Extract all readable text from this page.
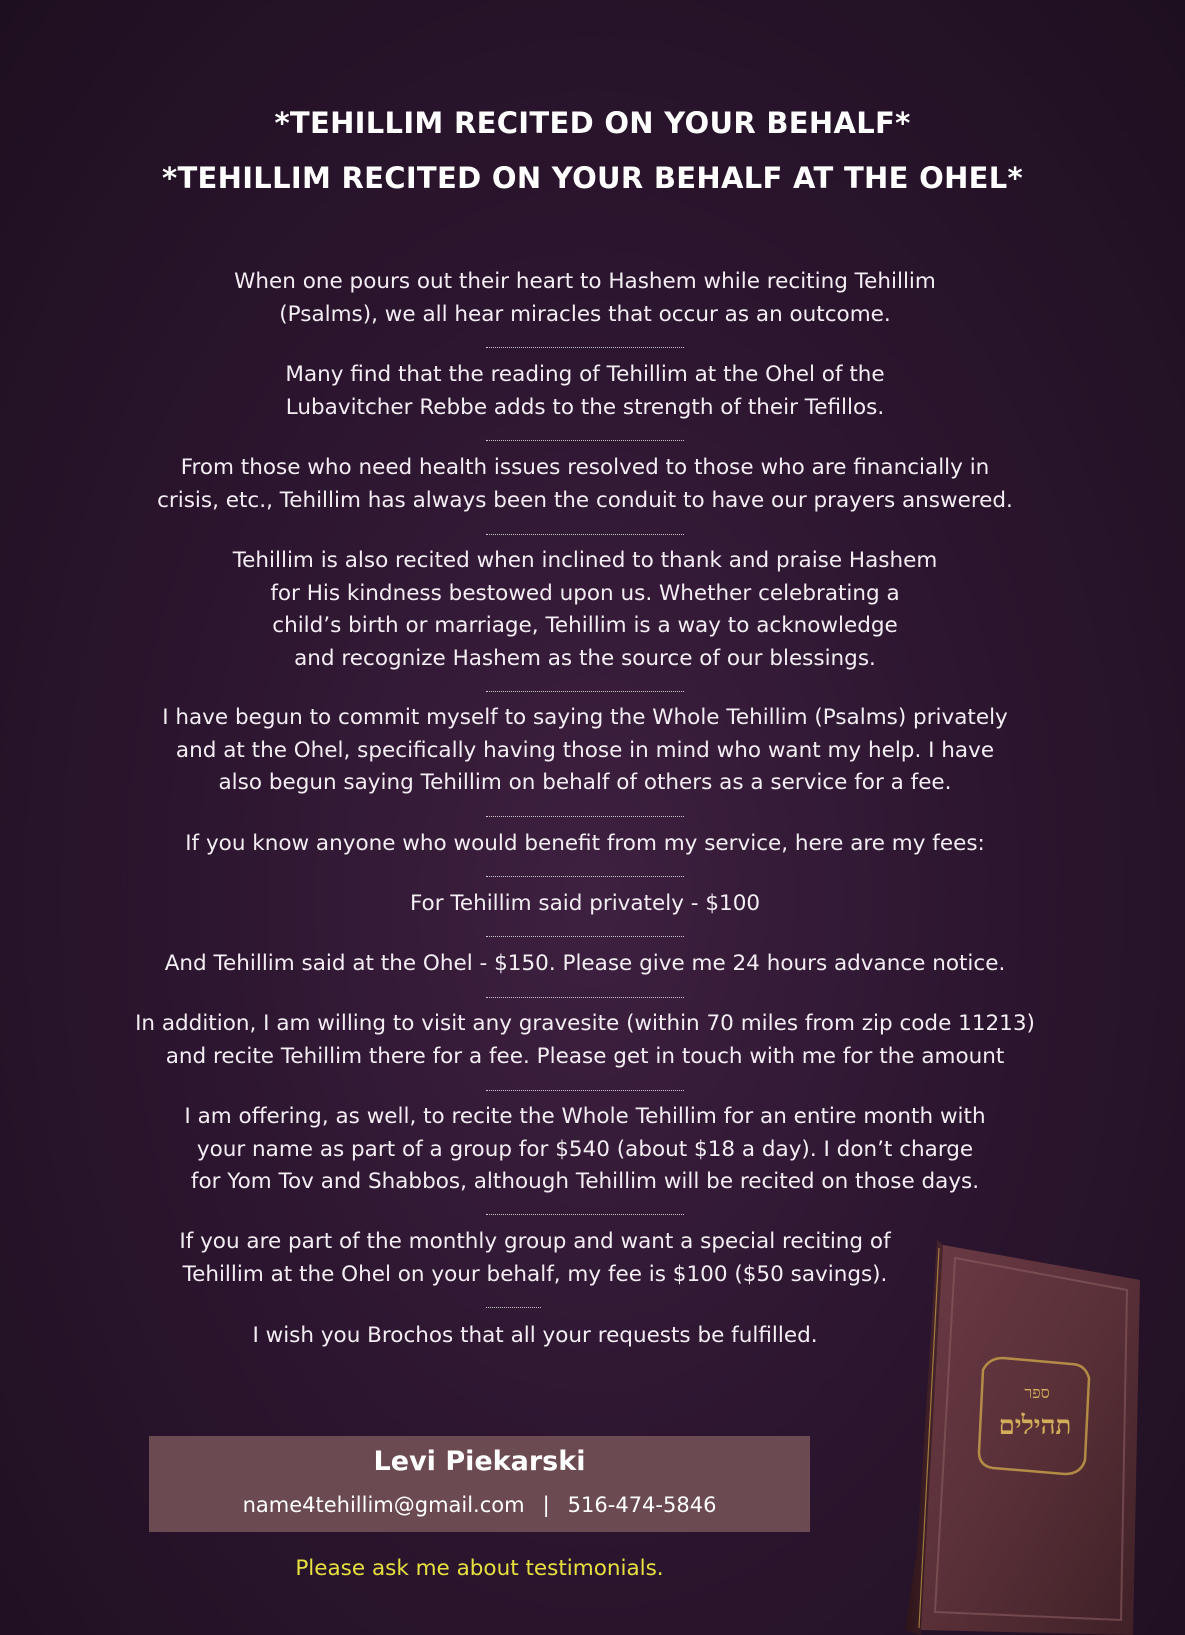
*TEHILLIM RECITED ON YOUR BEHALF*
*TEHILLIM RECITED ON YOUR BEHALF AT THE OHEL*
When one pours out their heart to Hashem while reciting Tehillim
(Psalms), we all hear miracles that occur as an outcome.
Many find that the reading of Tehillim at the Ohel of the
Lubavitcher Rebbe adds to the strength of their Tefillos.
From those who need health issues resolved to those who are financially in
crisis, etc., Tehillim has always been the conduit to have our prayers answered.
Tehillim is also recited when inclined to thank and praise Hashem
for His kindness bestowed upon us. Whether celebrating a
child’s birth or marriage, Tehillim is a way to acknowledge
and recognize Hashem as the source of our blessings.
I have begun to commit myself to saying the Whole Tehillim (Psalms) privately
and at the Ohel, specifically having those in mind who want my help. I have
also begun saying Tehillim on behalf of others as a service for a fee.
If you know anyone who would benefit from my service, here are my fees:
For Tehillim said privately - $100
And Tehillim said at the Ohel - $150. Please give me 24 hours advance notice.
In addition, I am willing to visit any gravesite (within 70 miles from zip code 11213)
and recite Tehillim there for a fee. Please get in touch with me for the amount
I am offering, as well, to recite the Whole Tehillim for an entire month with
your name as part of a group for $540 (about $18 a day). I don’t charge
for Yom Tov and Shabbos, although Tehillim will be recited on those days.
If you are part of the monthly group and want a special reciting of
Tehillim at the Ohel on your behalf, my fee is $100 ($50 savings).
I wish you Brochos that all your requests be fulfilled.
Levi Piekarski
name4tehillim@gmail.com | 516-474-5846
Please ask me about testimonials.
ספר
תהילים
